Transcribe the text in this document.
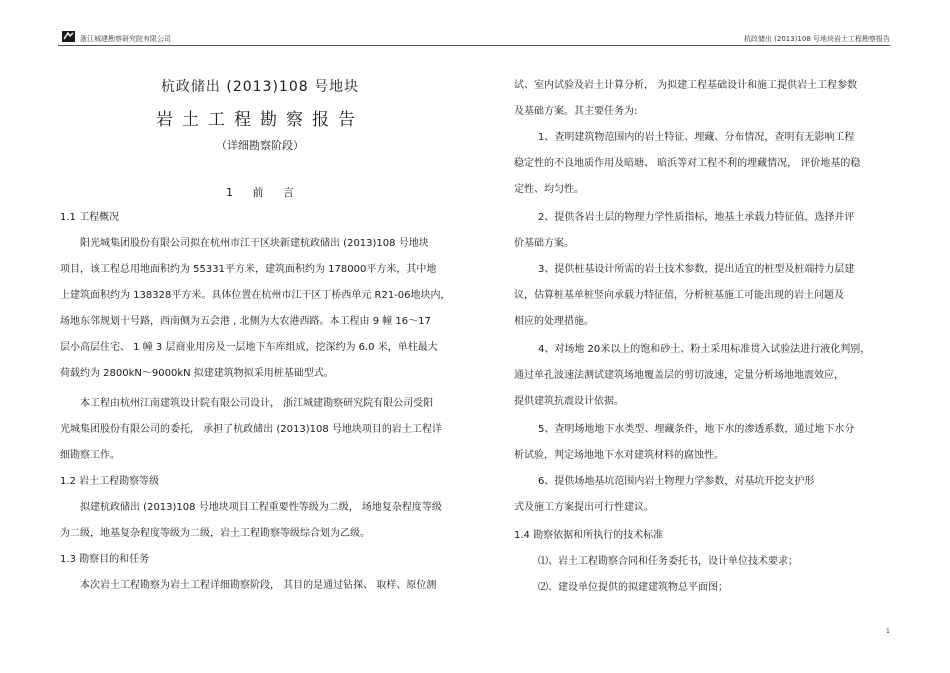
浙江城建勘察研究院有限公司	杭政储出 (2013)108 号地块岩土工程勘察报告
杭政储出 (2013)108 号地块
岩土工程勘察报告
（详细勘察阶段）
1 前 言
1.1 工程概况
阳光城集团股份有限公司拟在杭州市江干区块新建杭政储出 (2013)108 号地块
项目，该工程总用地面积约为 55331平方米，建筑面积约为 178000平方米，其中地
上建筑面积约为 138328平方米。具体位置在杭州市江干区丁桥西单元 R21-06地块内，
场地东邻规划十号路，西南侧为五会港 , 北侧为大农港西路。本工程由 9 幢 16～17
层小高层住宅、 1 幢 3 层商业用房及一层地下车库组成，挖深约为 6.0 米，单柱最大
荷载约为 2800kN～9000kN 拟建建筑物拟采用桩基础型式。
本工程由杭州江南建筑设计院有限公司设计， 浙江城建勘察研究院有限公司受阳
光城集团股份有限公司的委托， 承担了杭政储出 (2013)108 号地块项目的岩土工程详
细勘察工作。
1.2 岩土工程勘察等级
拟建杭政储出 (2013)108 号地块项目工程重要性等级为二级， 场地复杂程度等级
为二级，地基复杂程度等级为二级，岩土工程勘察等级综合划为乙级。
1.3 勘察目的和任务
本次岩土工程勘察为岩土工程详细勘察阶段， 其目的是通过钻探、 取样、原位测
试、室内试验及岩土计算分析， 为拟建工程基础设计和施工提供岩土工程参数
及基础方案。其主要任务为:
1、查明建筑物范围内的岩土特征、埋藏、分布情况，查明有无影响工程
稳定性的不良地质作用及暗塘、 暗浜等对工程不利的埋藏情况， 评价地基的稳
定性、均匀性。
2、提供各岩土层的物理力学性质指标，地基土承载力特征值，选择并评
价基础方案。
3、提供桩基设计所需的岩土技术参数，提出适宜的桩型及桩端持力层建
议，估算桩基单桩竖向承载力特征值，分析桩基施工可能出现的岩土问题及
相应的处理措施。
4、对场地 20米以上的饱和砂土、粉土采用标准贯入试验法进行液化判别，
通过单孔波速法测试建筑场地覆盖层的剪切波速，定量分析场地地震效应，
提供建筑抗震设计依据。
5、查明场地地下水类型、埋藏条件，地下水的渗透系数，通过地下水分
析试验，判定场地地下水对建筑材料的腐蚀性。
6、提供场地基坑范围内岩土物理力学参数，对基坑开挖支护形
式及施工方案提出可行性建议。
1.4 勘察依据和所执行的技术标准
⑴、岩土工程勘察合同和任务委托书，设计单位技术要求；
⑵、建设单位提供的拟建建筑物总平面图；
1
